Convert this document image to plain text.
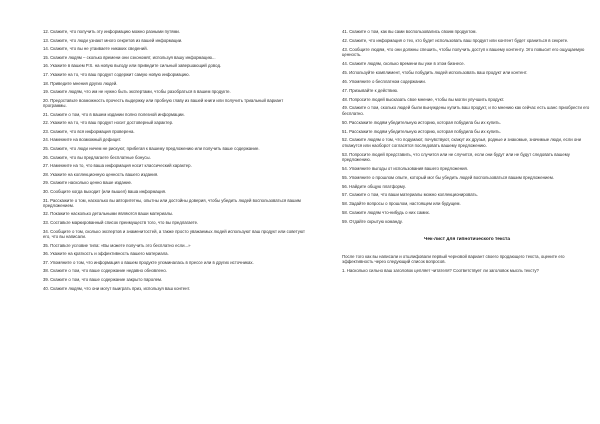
12. Скажите, что получить эту информацию можно разными путями.
13. Скажите, что люди узнают много секретов из вашей информации.
14. Скажите, что вы не утаиваете никаких сведений.
15. Скажите людям – сколько времени они сэкономят, используя вашу информацию...
16. Укажите в вашем P.S. на новую выгоду или приведите сильный завершающий довод.
17. Укажите на то, что ваш продукт содержит самую новую информацию.
18. Приведите мнения других людей.
19. Скажите людям, что им не нужно быть экспертами, чтобы разобраться в вашем продукте.
20. Предоставьте возможность прочесть выдержку или пробную главу из вашей книги или получить триальный вариант программы.
21. Скажите о том, что в вашем издании полно полезной информации.
22. Укажите на то, что ваш продукт носит достоверный характер.
23. Скажите, что вся информация проверена.
24. Намекните на возможный дефицит.
25. Скажите, что люди ничем не рискуют, прибегая к вашему предложению или получить ваше содержание.
26. Скажите, что вы предлагаете бесплатные бонусы.
27. Намекните на то, что ваша информация носит классический характер.
28. Укажите на коллекционную ценность вашего издания.
29. Скажите насколько ценно ваше издание.
30. Сообщите когда выходит (или вышел) ваша информация.
31. Расскажите о том, насколько вы авторитетны, опытны или достойны доверия, чтобы убедить людей воспользоваться вашим предложением.
32. Покажите насколько детальными являются ваши материалы.
33. Составьте маркированный список преимуществ того, что вы предлагаете.
34. Сообщите о том, сколько экспертов и знаменитостей, а также просто уважаемых людей используют ваш продукт или советуют его, что вы написали.
35. Поставьте условие типа: «Вы можете получить это бесплатно если...»
36. Укажите на краткость и эффективность вашего материала.
37. Упомяните о том, что информация о вашем продукте упоминалась в прессе или в других источниках.
38. Скажите о том, что ваше содержание недавно обновлено.
39. Скажите о том, что ваше содержание закрыто паролем.
40. Скажите людям, что они могут выиграть приз, используя ваш контент.
41. Скажите о том, как вы сами воспользовались своим продуктом.
42. Скажите, что информация о тех, кто будет использовать ваш продукт или контент будет храниться в секрете.
43. Сообщите людям, что они должны спешить, чтобы получить доступ к вашему контенту. Это повысит его ощущаемую ценность.
44. Скажите людям, сколько времени вы уже в этом бизнесе.
45. Используйте комплимент, чтобы побудить людей использовать ваш продукт или контент.
46. Упомяните о бесплатном содержании.
47. Призывайте к действию.
48. Попросите людей высказать свое мнение, чтобы вы могли улучшить продукт.
49. Скажите о том, сколько людей были вынуждены купить ваш продукт, и по мнению как сейчас есть шанс приобрести его бесплатно.
50. Расскажите людям убедительную историю, которая побудила бы их купить.
51. Расскажите людям убедительную историю, которая побудила бы их купить.
52. Скажите людям о том, что подумают, почувствуют, скажут их друзья, родные и знакомые, значимые люди, если они откажутся или наоборот согласятся последовать вашему предложению.
53. Попросите людей представить, что случится или не случится, если они будут или не будут следовать вашему предложению.
54. Упомяните выгоды от использования вашего предложения.
55. Упомяните о прошлом опыте, который мог бы убедить людей воспользоваться вашим предложением.
56. Найдите общую платформу.
57. Скажите о том, что ваши материалы можно коллекционировать.
58. Задайте вопросы о прошлом, настоящем или будущем.
58. Скажите людям что-нибудь о них самих.
59. Отдайте скрытую команду.
Чек-лист для гипнотического текста
После того как вы написали и отшлифовали первый черновой вариант своего продающего текста, оцените его эффективность через следующий список вопросов.
1. Насколько сильно ваш заголовок цепляет читателя? Соответствует ли заголовок мысль тексту?
